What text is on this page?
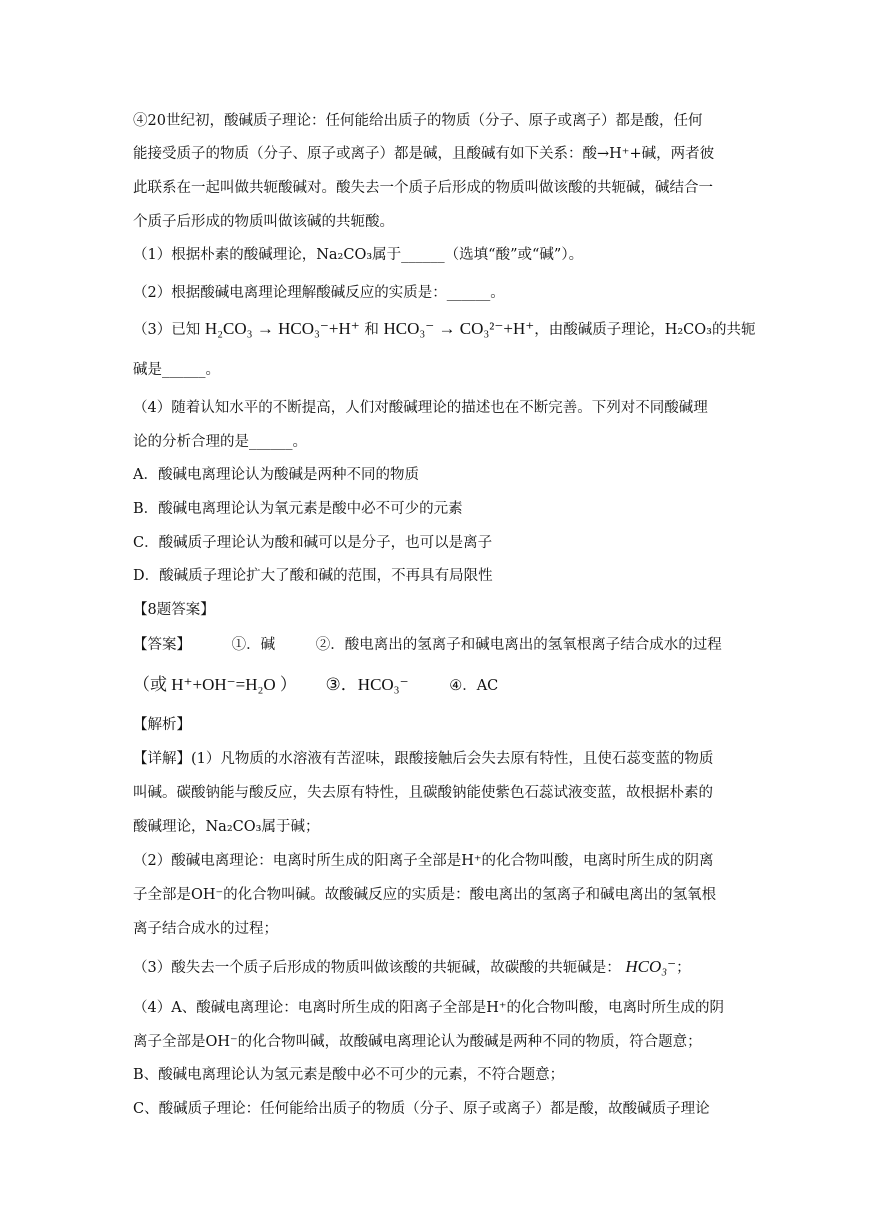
④20世纪初，酸碱质子理论：任何能给出质子的物质（分子、原子或离子）都是酸，任何
能接受质子的物质（分子、原子或离子）都是碱，且酸碱有如下关系：酸→H⁺+碱，两者彼
此联系在一起叫做共轭酸碱对。酸失去一个质子后形成的物质叫做该酸的共轭碱，碱结合一
个质子后形成的物质叫做该碱的共轭酸。
（1）根据朴素的酸碱理论，Na₂CO₃属于______（选填“酸”或“碱”）。
（2）根据酸碱电离理论理解酸碱反应的实质是：______。
（3）已知 H₂CO₃ → HCO₃⁻+H⁺ 和 HCO₃⁻ → CO₃²⁻+H⁺，由酸碱质子理论，H₂CO₃的共轭
碱是______。
（4）随着认知水平的不断提高，人们对酸碱理论的描述也在不断完善。下列对不同酸碱理
论的分析合理的是______。
A．酸碱电离理论认为酸碱是两种不同的物质
B．酸碱电离理论认为氧元素是酸中必不可少的元素
C．酸碱质子理论认为酸和碱可以是分子，也可以是离子
D．酸碱质子理论扩大了酸和碱的范围，不再具有局限性
【8题答案】
【答案】	①．碱	②．酸电离出的氢离子和碱电离出的氢氧根离子结合成水的过程
（或 H⁺+OH⁻=H₂O ） ③．HCO₃⁻	④．AC
【解析】
【详解】(1）凡物质的水溶液有苦涩味，跟酸接触后会失去原有特性，且使石蕊变蓝的物质
叫碱。碳酸钠能与酸反应，失去原有特性，且碳酸钠能使紫色石蕊试液变蓝，故根据朴素的
酸碱理论，Na₂CO₃属于碱；
（2）酸碱电离理论：电离时所生成的阳离子全部是H⁺的化合物叫酸，电离时所生成的阴离
子全部是OH⁻的化合物叫碱。故酸碱反应的实质是：酸电离出的氢离子和碱电离出的氢氧根
离子结合成水的过程；
（3）酸失去一个质子后形成的物质叫做该酸的共轭碱，故碳酸的共轭碱是： HCO₃⁻；
（4）A、酸碱电离理论：电离时所生成的阳离子全部是H⁺的化合物叫酸，电离时所生成的阴
离子全部是OH⁻的化合物叫碱，故酸碱电离理论认为酸碱是两种不同的物质，符合题意；
B、酸碱电离理论认为氢元素是酸中必不可少的元素，不符合题意；
C、酸碱质子理论：任何能给出质子的物质（分子、原子或离子）都是酸，故酸碱质子理论
